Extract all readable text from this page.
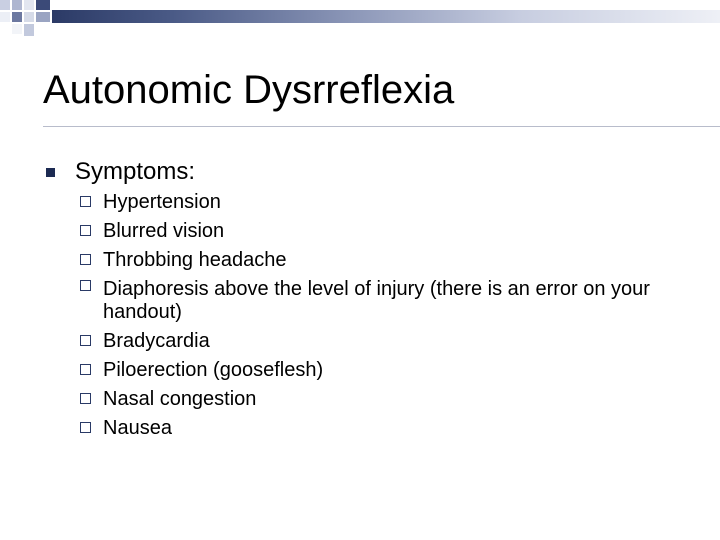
Autonomic Dysrreflexia
Symptoms:
Hypertension
Blurred vision
Throbbing headache
Diaphoresis above the level of injury (there is an error on your handout)
Bradycardia
Piloerection (gooseflesh)
Nasal congestion
Nausea
